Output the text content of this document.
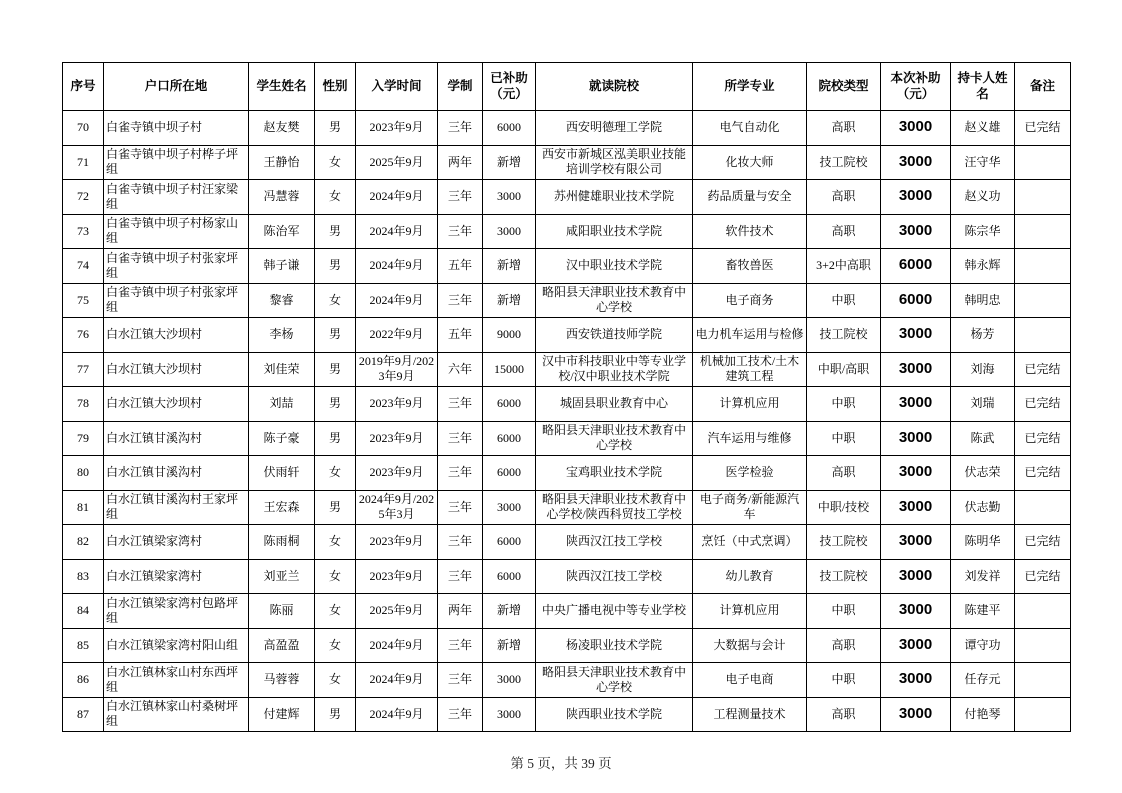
序号	户口所在地	学生姓名	性别	入学时间	学制	已补助（元）	就读院校	所学专业	院校类型	本次补助（元）	持卡人姓名	备注
70	白雀寺镇中坝子村	赵友樊	男	2023年9月	三年	6000	西安明德理工学院	电气自动化	高职	3000	赵义雄	已完结
71	白雀寺镇中坝子村桦子坪组	王静怡	女	2025年9月	两年	新增	西安市新城区泓美职业技能培训学校有限公司	化妆大师	技工院校	3000	汪守华	
72	白雀寺镇中坝子村汪家梁组	冯慧蓉	女	2024年9月	三年	3000	苏州健雄职业技术学院	药品质量与安全	高职	3000	赵义功	
73	白雀寺镇中坝子村杨家山组	陈治军	男	2024年9月	三年	3000	咸阳职业技术学院	软件技术	高职	3000	陈宗华	
74	白雀寺镇中坝子村张家坪组	韩子谦	男	2024年9月	五年	新增	汉中职业技术学院	畜牧兽医	3+2中高职	6000	韩永辉	
75	白雀寺镇中坝子村张家坪组	黎睿	女	2024年9月	三年	新增	略阳县天津职业技术教育中心学校	电子商务	中职	6000	韩明忠	
76	白水江镇大沙坝村	李杨	男	2022年9月	五年	9000	西安铁道技师学院	电力机车运用与检修	技工院校	3000	杨芳	
77	白水江镇大沙坝村	刘佳荣	男	2019年9月/2023年9月	六年	15000	汉中市科技职业中等专业学校/汉中职业技术学院	机械加工技术/土木建筑工程	中职/高职	3000	刘海	已完结
78	白水江镇大沙坝村	刘喆	男	2023年9月	三年	6000	城固县职业教育中心	计算机应用	中职	3000	刘瑞	已完结
79	白水江镇甘溪沟村	陈子豪	男	2023年9月	三年	6000	略阳县天津职业技术教育中心学校	汽车运用与维修	中职	3000	陈武	已完结
80	白水江镇甘溪沟村	伏雨轩	女	2023年9月	三年	6000	宝鸡职业技术学院	医学检验	高职	3000	伏志荣	已完结
81	白水江镇甘溪沟村王家坪组	王宏森	男	2024年9月/2025年3月	三年	3000	略阳县天津职业技术教育中心学校/陕西科贸技工学校	电子商务/新能源汽车	中职/技校	3000	伏志勤	
82	白水江镇梁家湾村	陈雨桐	女	2023年9月	三年	6000	陕西汉江技工学校	烹饪（中式烹调）	技工院校	3000	陈明华	已完结
83	白水江镇梁家湾村	刘亚兰	女	2023年9月	三年	6000	陕西汉江技工学校	幼儿教育	技工院校	3000	刘发祥	已完结
84	白水江镇梁家湾村包路坪组	陈丽	女	2025年9月	两年	新增	中央广播电视中等专业学校	计算机应用	中职	3000	陈建平	
85	白水江镇梁家湾村阳山组	高盈盈	女	2024年9月	三年	新增	杨凌职业技术学院	大数据与会计	高职	3000	谭守功	
86	白水江镇林家山村东西坪组	马蓉蓉	女	2024年9月	三年	3000	略阳县天津职业技术教育中心学校	电子电商	中职	3000	任存元	
87	白水江镇林家山村桑树坪组	付建辉	男	2024年9月	三年	3000	陕西职业技术学院	工程测量技术	高职	3000	付艳琴	
第 5 页，共 39 页
